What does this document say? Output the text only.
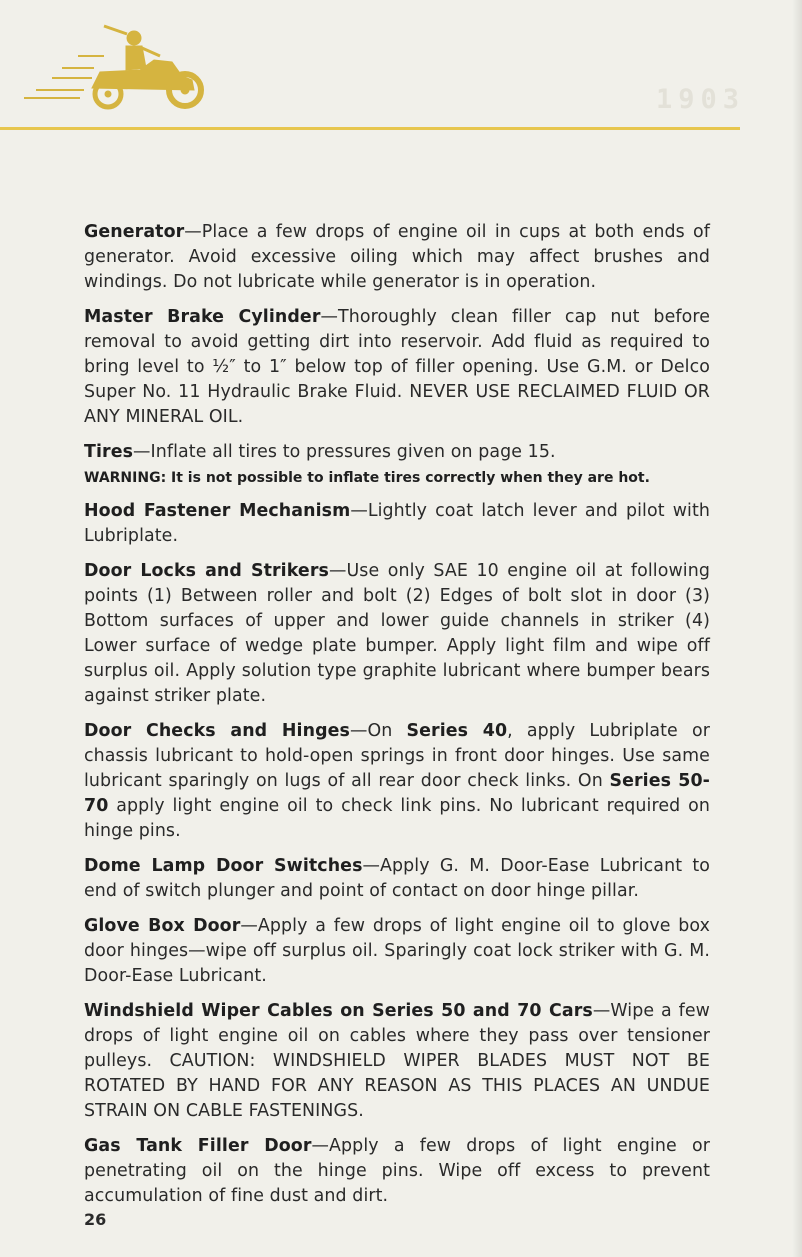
1903

Generator—Place a few drops of engine oil in cups at both ends of generator. Avoid excessive oiling which may affect brushes and windings. Do not lubricate while generator is in operation.

Master Brake Cylinder—Thoroughly clean filler cap nut before removal to avoid getting dirt into reservoir. Add fluid as required to bring level to ½″ to 1″ below top of filler opening. Use G.M. or Delco Super No. 11 Hydraulic Brake Fluid. NEVER USE RECLAIMED FLUID OR ANY MINERAL OIL.

Tires—Inflate all tires to pressures given on page 15.

WARNING: It is not possible to inflate tires correctly when they are hot.

Hood Fastener Mechanism—Lightly coat latch lever and pilot with Lubriplate.

Door Locks and Strikers—Use only SAE 10 engine oil at following points (1) Between roller and bolt (2) Edges of bolt slot in door (3) Bottom surfaces of upper and lower guide channels in striker (4) Lower surface of wedge plate bumper. Apply light film and wipe off surplus oil. Apply solution type graphite lubricant where bumper bears against striker plate.

Door Checks and Hinges—On Series 40, apply Lubriplate or chassis lubricant to hold-open springs in front door hinges. Use same lubricant sparingly on lugs of all rear door check links. On Series 50-70 apply light engine oil to check link pins. No lubricant required on hinge pins.

Dome Lamp Door Switches—Apply G. M. Door-Ease Lubricant to end of switch plunger and point of contact on door hinge pillar.

Glove Box Door—Apply a few drops of light engine oil to glove box door hinges—wipe off surplus oil. Sparingly coat lock striker with G. M. Door-Ease Lubricant.

Windshield Wiper Cables on Series 50 and 70 Cars—Wipe a few drops of light engine oil on cables where they pass over tensioner pulleys. CAUTION: WINDSHIELD WIPER BLADES MUST NOT BE ROTATED BY HAND FOR ANY REASON AS THIS PLACES AN UNDUE STRAIN ON CABLE FASTENINGS.

Gas Tank Filler Door—Apply a few drops of light engine or penetrating oil on the hinge pins. Wipe off excess to prevent accumulation of fine dust and dirt.

26
